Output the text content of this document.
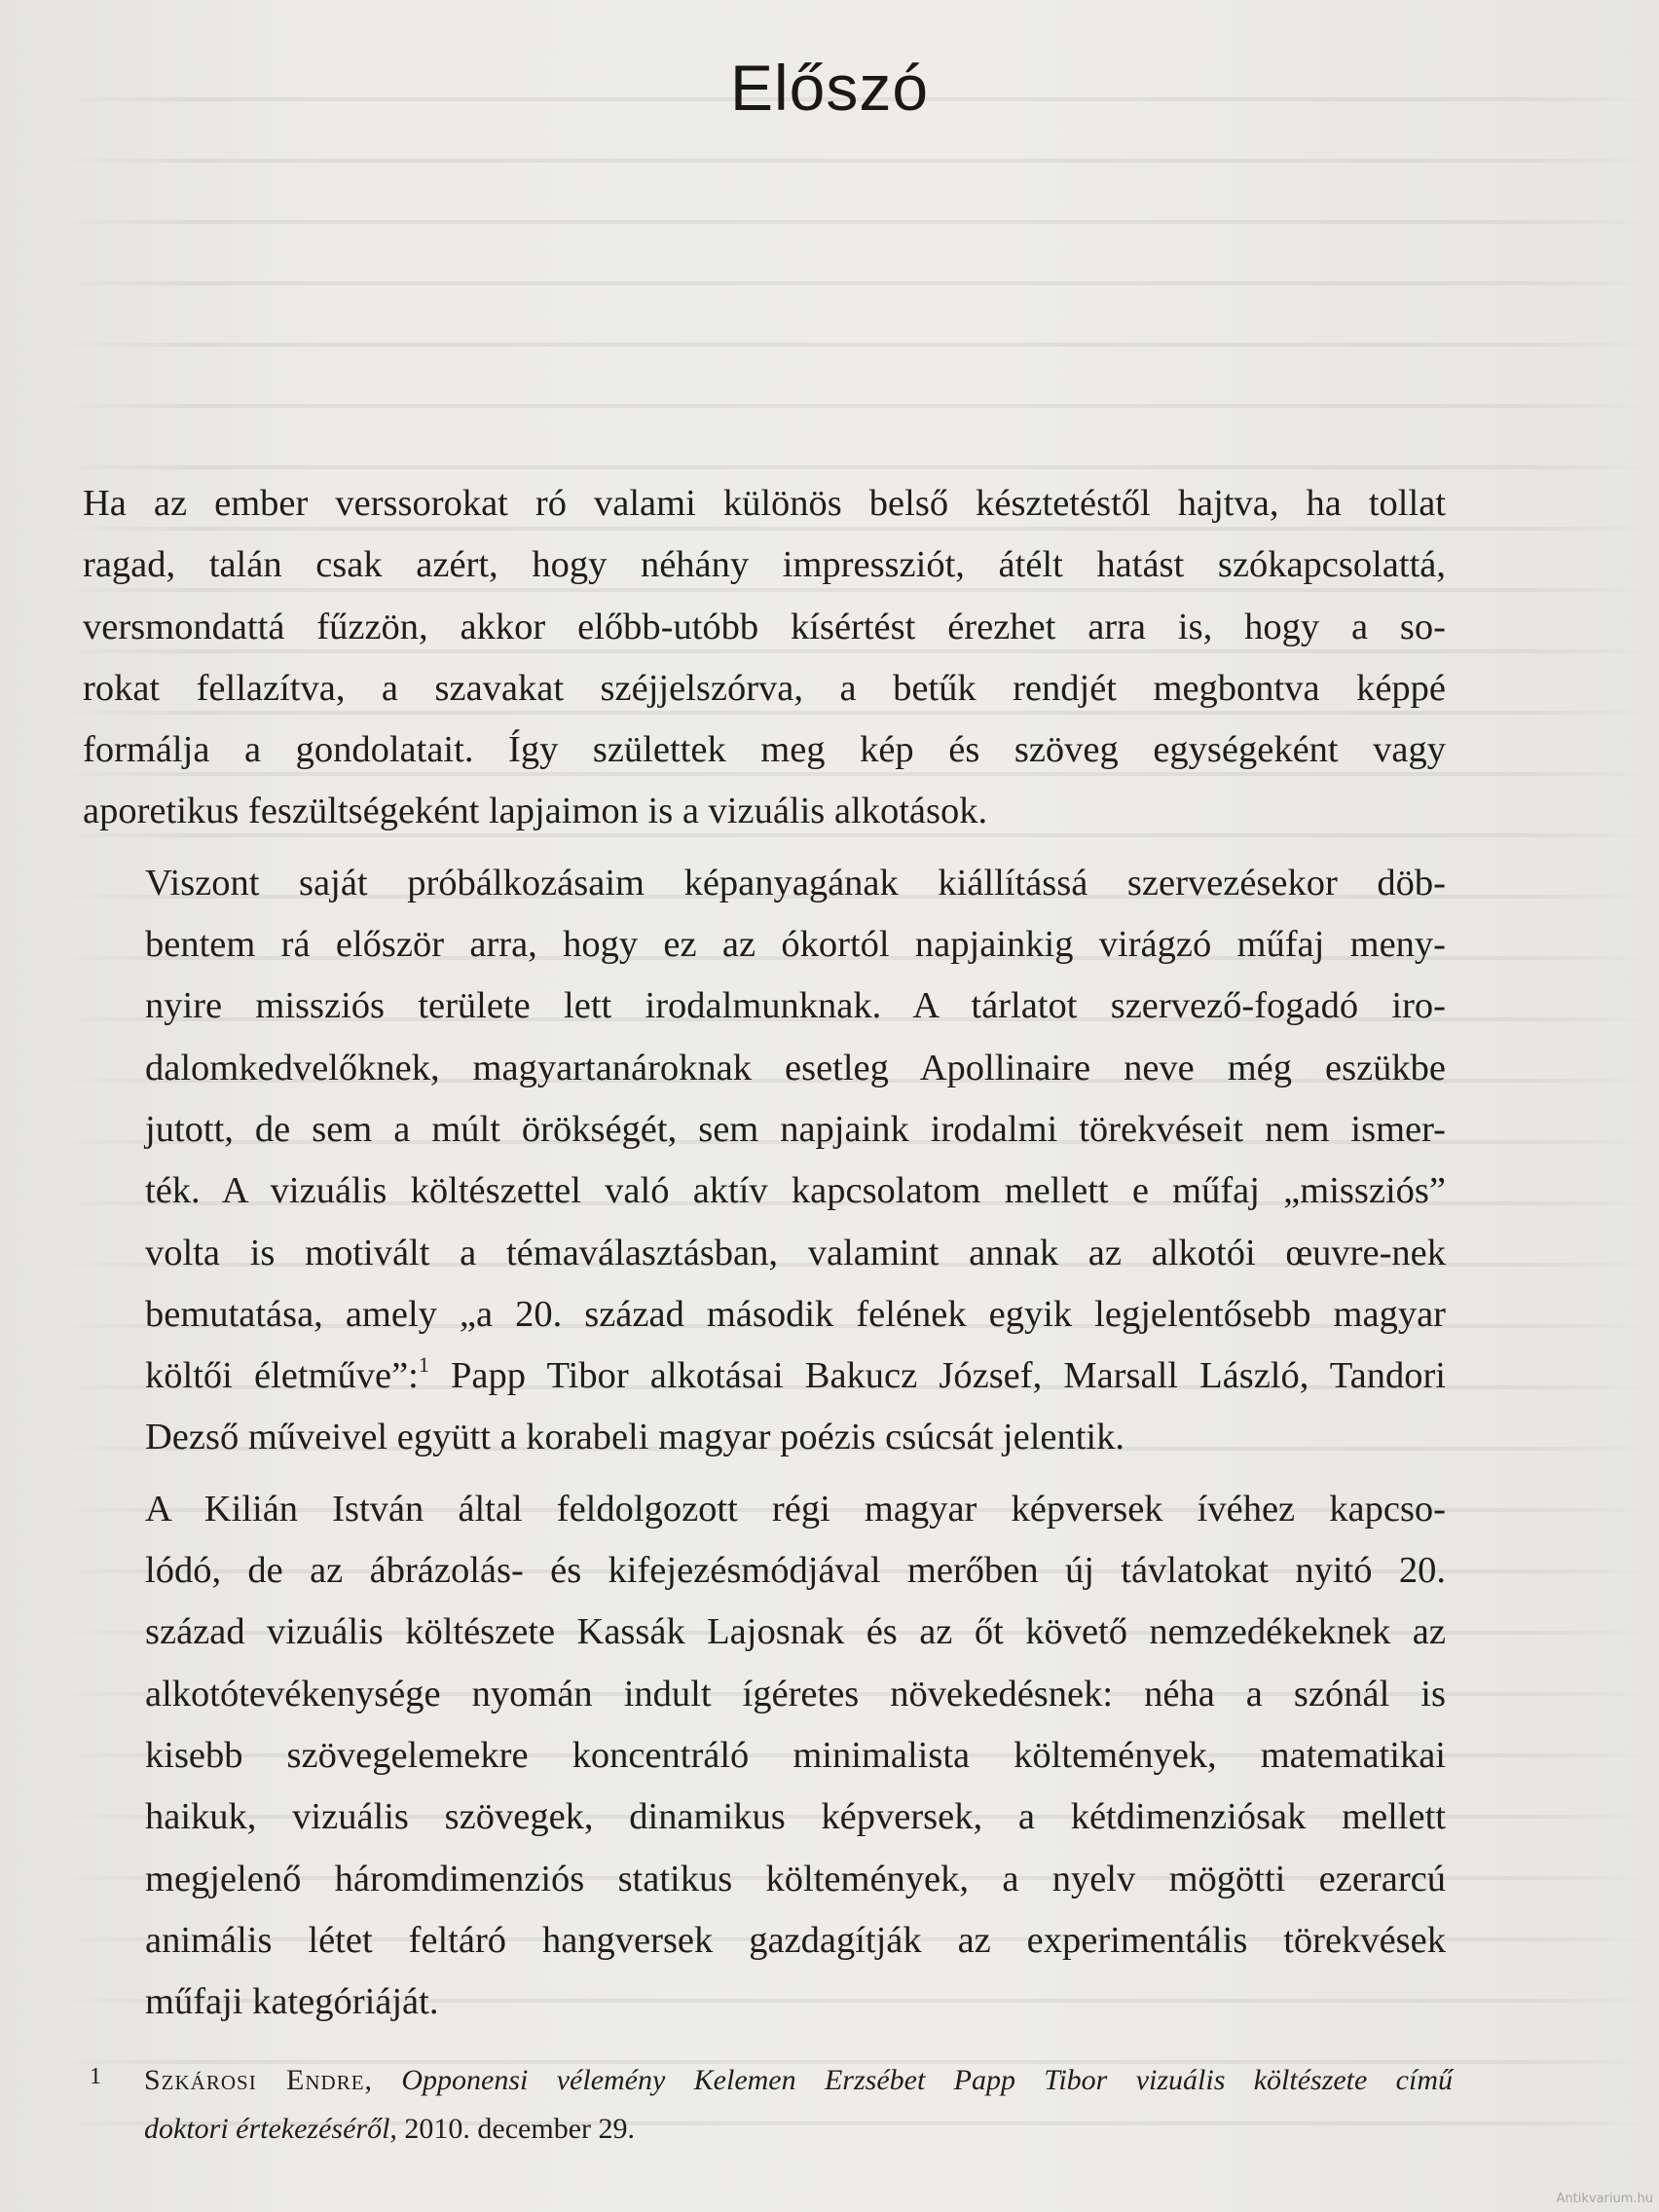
Előszó

Ha az ember verssorokat ró valami különös belső késztetéstől hajtva, ha tollat
ragad, talán csak azért, hogy néhány impressziót, átélt hatást szókapcsolattá,
versmondattá fűzzön, akkor előbb-utóbb kísértést érezhet arra is, hogy a so-
rokat fellazítva, a szavakat széjjelszórva, a betűk rendjét megbontva képpé
formálja a gondolatait. Így születtek meg kép és szöveg egységeként vagy
aporetikus feszültségeként lapjaimon is a vizuális alkotások.

Viszont saját próbálkozásaim képanyagának kiállítássá szervezésekor döb-
bentem rá először arra, hogy ez az ókortól napjainkig virágzó műfaj meny-
nyire missziós területe lett irodalmunknak. A tárlatot szervező-fogadó iro-
dalomkedvelőknek, magyartanároknak esetleg Apollinaire neve még eszükbe
jutott, de sem a múlt örökségét, sem napjaink irodalmi törekvéseit nem ismer-
ték. A vizuális költészettel való aktív kapcsolatom mellett e műfaj „missziós”
volta is motivált a témaválasztásban, valamint annak az alkotói œuvre-nek
bemutatása, amely „a 20. század második felének egyik legjelentősebb magyar
költői életműve”:$^1$ Papp Tibor alkotásai Bakucz József, Marsall László, Tandori
Dezső műveivel együtt a korabeli magyar poézis csúcsát jelentik.

A Kilián István által feldolgozott régi magyar képversek ívéhez kapcso-
lódó, de az ábrázolás- és kifejezésmódjával merőben új távlatokat nyitó 20.
század vizuális költészete Kassák Lajosnak és az őt követő nemzedékeknek az
alkotótevékenysége nyomán indult ígéretes növekedésnek: néha a szónál is
kisebb szövegelemekre koncentráló minimalista költemények, matematikai
haikuk, vizuális szövegek, dinamikus képversek, a kétdimenziósak mellett
megjelenő háromdimenziós statikus költemények, a nyelv mögötti ezerarcú
animális létet feltáró hangversek gazdagítják az experimentális törekvések
műfaji kategóriáját.

1 Szkárosi Endre, Opponensi vélemény Kelemen Erzsébet Papp Tibor vizuális költészete című
doktori értekezéséről, 2010. december 29.
Antikvarium.hu
